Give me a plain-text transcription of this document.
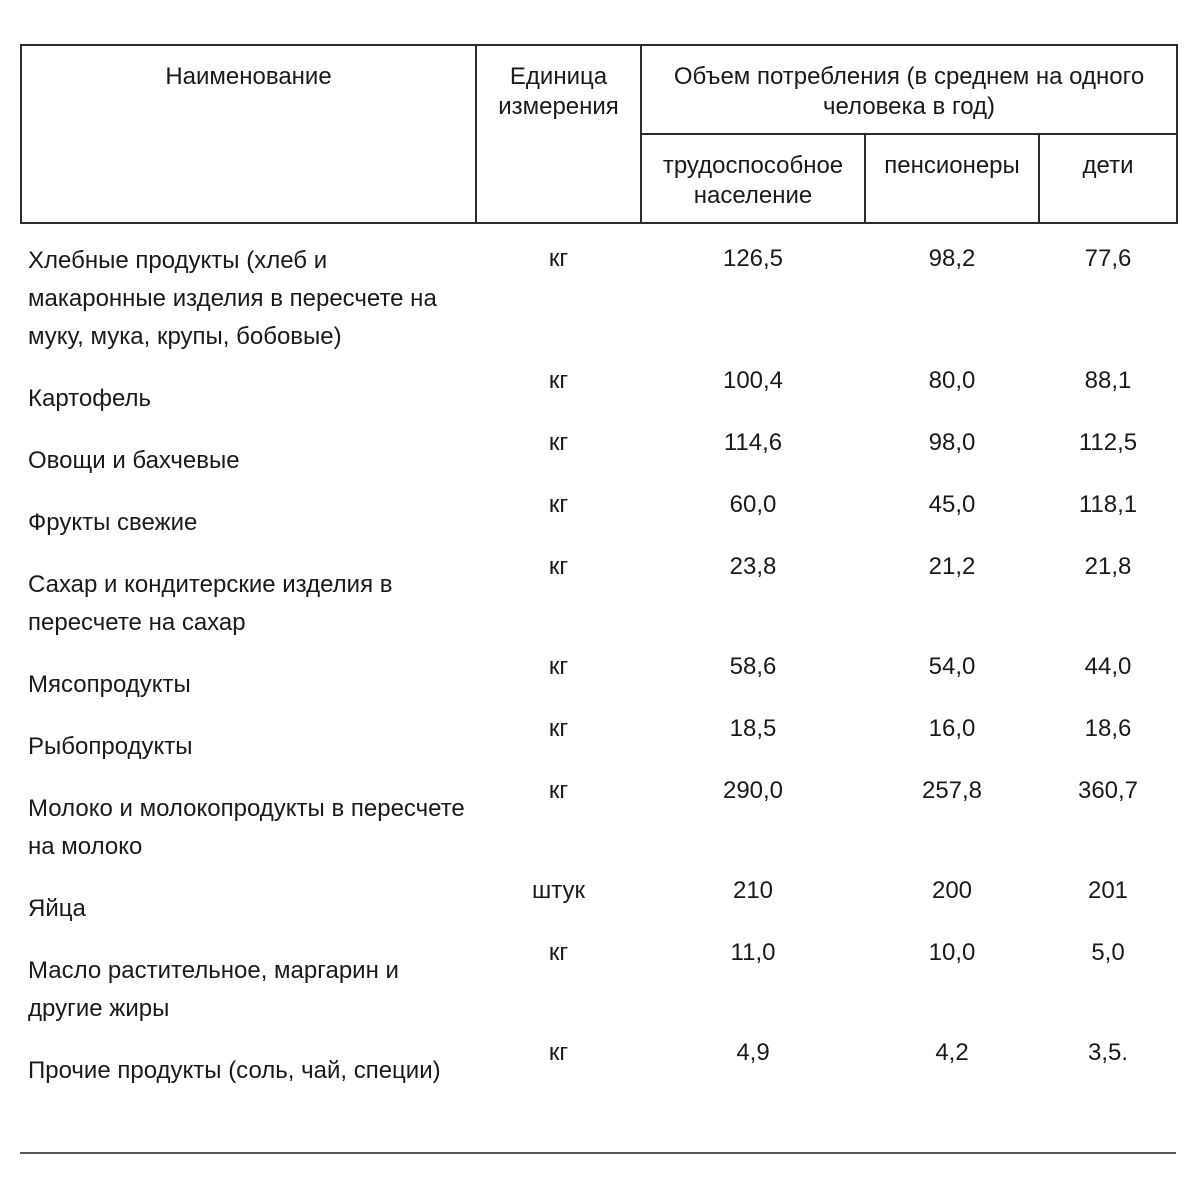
Наименование	Единица измерения	Объем потребления (в среднем на одного человека в год)		
		трудоспособное население	пенсионеры	дети
Хлебные продукты (хлеб и макаронные изделия в пересчете на муку, мука, крупы, бобовые)	кг	126,5	98,2	77,6
Картофель	кг	100,4	80,0	88,1
Овощи и бахчевые	кг	114,6	98,0	112,5
Фрукты свежие	кг	60,0	45,0	118,1
Сахар и кондитерские изделия в пересчете на сахар	кг	23,8	21,2	21,8
Мясопродукты	кг	58,6	54,0	44,0
Рыбопродукты	кг	18,5	16,0	18,6
Молоко и молокопродукты в пересчете на молоко	кг	290,0	257,8	360,7
Яйца	штук	210	200	201
Масло растительное, маргарин и другие жиры	кг	11,0	10,0	5,0
Прочие продукты (соль, чай, специи)	кг	4,9	4,2	3,5.
